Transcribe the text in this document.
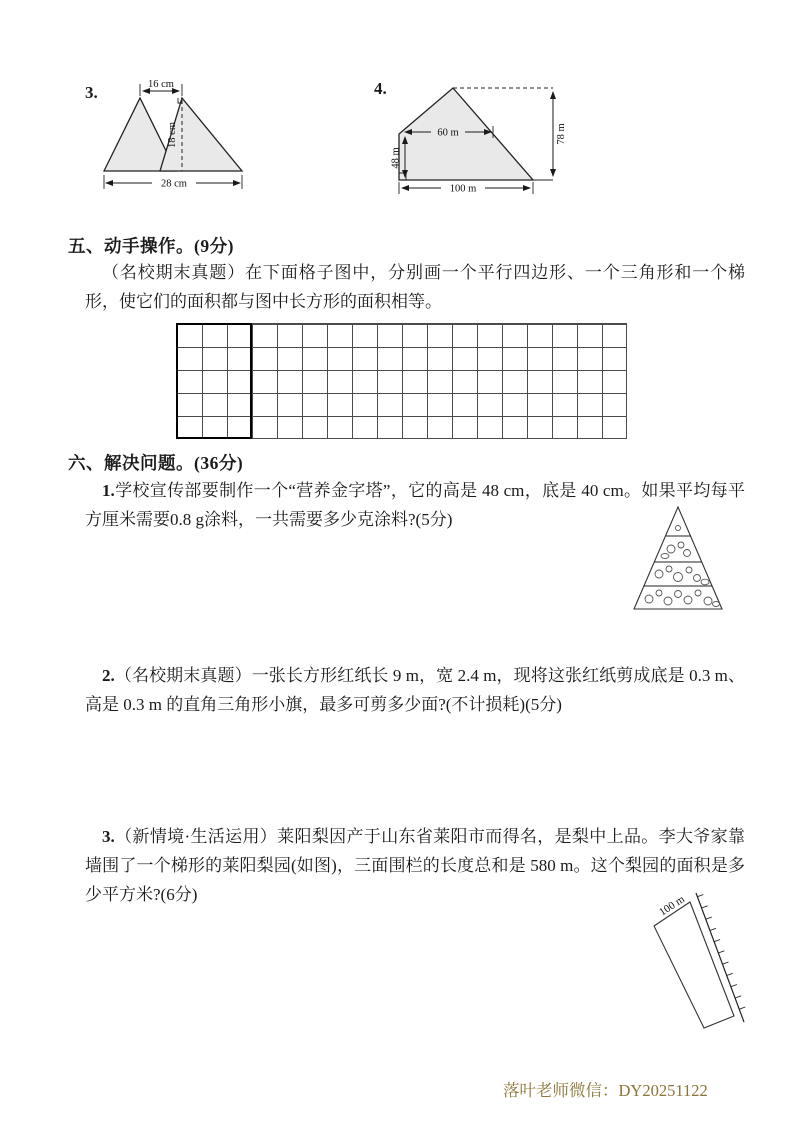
3.	16 cm
18 cm
28 cm
4.
60 m
48 m
78 m
100 m
五、动手操作。(9分)

（名校期末真题）在下面格子图中，分别画一个平行四边形、一个三角形和一个梯形，使它们的面积都与图中长方形的面积相等。

六、解决问题。(36分)

1.学校宣传部要制作一个“营养金字塔”，它的高是 48 cm，底是 40 cm。如果平均每平方厘米需要0.8 g涂料，一共需要多少克涂料?(5分)

2.（名校期末真题）一张长方形红纸长 9 m，宽 2.4 m，现将这张红纸剪成底是 0.3 m、高是 0.3 m 的直角三角形小旗，最多可剪多少面?(不计损耗)(5分)

3.（新情境·生活运用）莱阳梨因产于山东省莱阳市而得名，是梨中上品。李大爷家靠墙围了一个梯形的莱阳梨园(如图)，三面围栏的长度总和是 580 m。这个梨园的面积是多少平方米?(6分)	100 m
落叶老师微信：DY20251122
